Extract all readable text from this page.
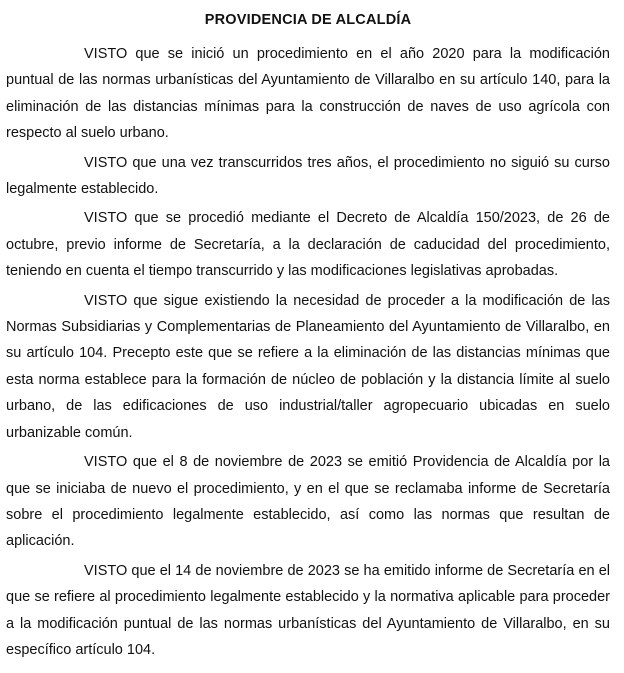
PROVIDENCIA DE ALCALDÍA

VISTO que se inició un procedimiento en el año 2020 para la modificación puntual de las normas urbanísticas del Ayuntamiento de Villaralbo en su artículo 140, para la eliminación de las distancias mínimas para la construcción de naves de uso agrícola con respecto al suelo urbano.

VISTO que una vez transcurridos tres años, el procedimiento no siguió su curso legalmente establecido.

VISTO que se procedió mediante el Decreto de Alcaldía 150/2023, de 26 de octubre, previo informe de Secretaría, a la declaración de caducidad del procedimiento, teniendo en cuenta el tiempo transcurrido y las modificaciones legislativas aprobadas.

VISTO que sigue existiendo la necesidad de proceder a la modificación de las Normas Subsidiarias y Complementarias de Planeamiento del Ayuntamiento de Villaralbo, en su artículo 104. Precepto este que se refiere a la eliminación de las distancias mínimas que esta norma establece para la formación de núcleo de población y la distancia límite al suelo urbano, de las edificaciones de uso industrial/taller agropecuario ubicadas en suelo urbanizable común.

VISTO que el 8 de noviembre de 2023 se emitió Providencia de Alcaldía por la que se iniciaba de nuevo el procedimiento, y en el que se reclamaba informe de Secretaría sobre el procedimiento legalmente establecido, así como las normas que resultan de aplicación.

VISTO que el 14 de noviembre de 2023 se ha emitido informe de Secretaría en el que se refiere al procedimiento legalmente establecido y la normativa aplicable para proceder a la modificación puntual de las normas urbanísticas del Ayuntamiento de Villaralbo, en su específico artículo 104.
